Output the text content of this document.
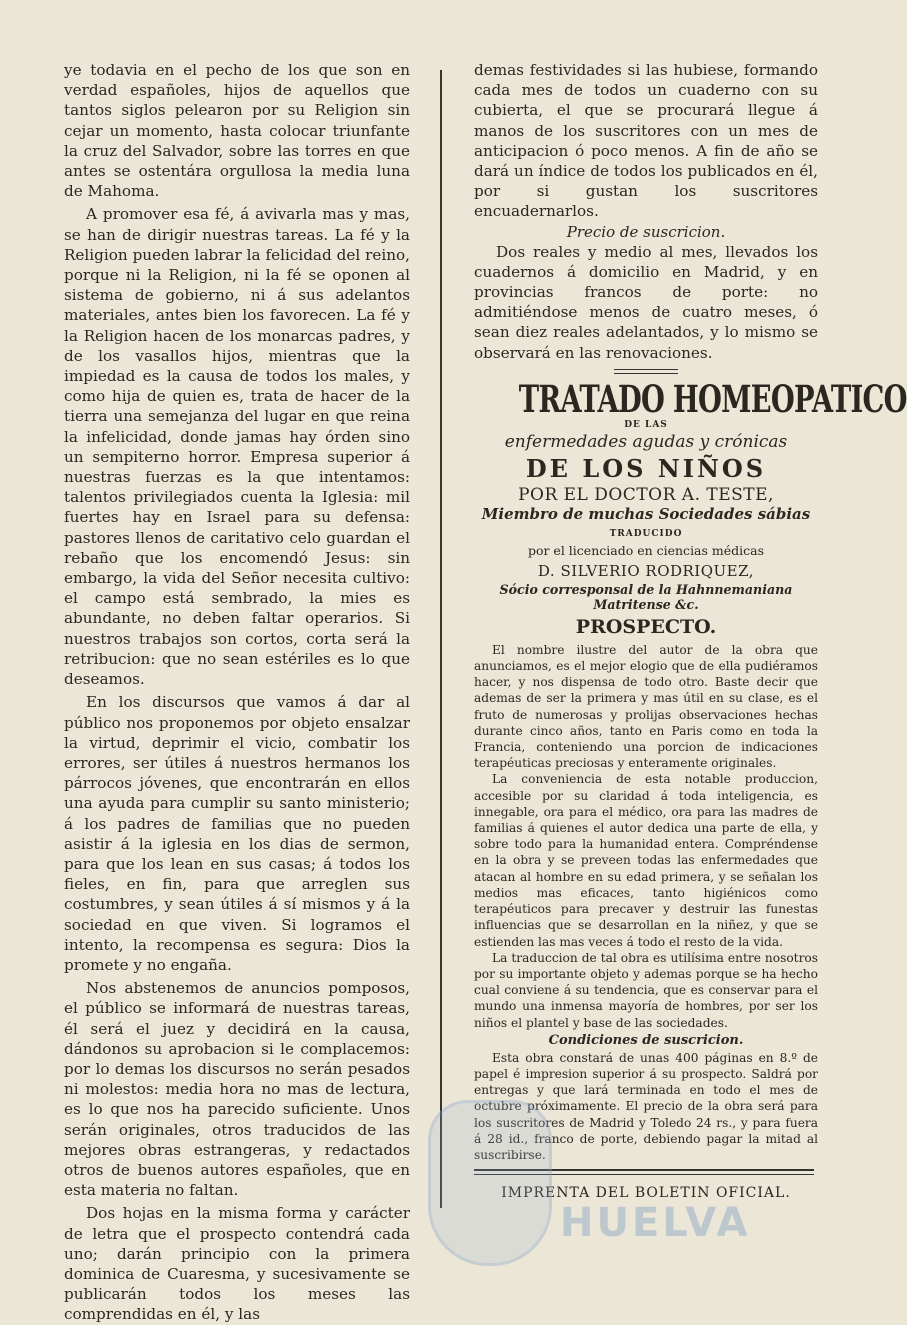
ye todavia en el pecho de los que son en verdad españoles, hijos de aquellos que tantos siglos pelearon por su Religion sin cejar un momento, hasta colocar triunfante la cruz del Salvador, sobre las torres en que antes se ostentára orgullosa la media luna de Mahoma.

A promover esa fé, á avivarla mas y mas, se han de dirigir nuestras tareas. La fé y la Religion pueden labrar la felicidad del reino, porque ni la Religion, ni la fé se oponen al sistema de gobierno, ni á sus adelantos materiales, antes bien los favorecen. La fé y la Religion hacen de los monarcas padres, y de los vasallos hijos, mientras que la impiedad es la causa de todos los males, y como hija de quien es, trata de hacer de la tierra una semejanza del lugar en que reina la infelicidad, donde jamas hay órden sino un sempiterno horror. Empresa superior á nuestras fuerzas es la que intentamos: talentos privilegiados cuenta la Iglesia: mil fuertes hay en Israel para su defensa: pastores llenos de caritativo celo guardan el rebaño que los encomendó Jesus: sin embargo, la vida del Señor necesita cultivo: el campo está sembrado, la mies es abundante, no deben faltar operarios. Si nuestros trabajos son cortos, corta será la retribucion: que no sean estériles es lo que deseamos.

En los discursos que vamos á dar al público nos proponemos por objeto ensalzar la virtud, deprimir el vicio, combatir los errores, ser útiles á nuestros hermanos los párrocos jóvenes, que encontrarán en ellos una ayuda para cumplir su santo ministerio; á los padres de familias que no pueden asistir á la iglesia en los dias de sermon, para que los lean en sus casas; á todos los fieles, en fin, para que arreglen sus costumbres, y sean útiles á sí mismos y á la sociedad en que viven. Si logramos el intento, la recompensa es segura: Dios la promete y no engaña.

Nos abstenemos de anuncios pomposos, el público se informará de nuestras tareas, él será el juez y decidirá en la causa, dándonos su aprobacion si le complacemos: por lo demas los discursos no serán pesados ni molestos: media hora no mas de lectura, es lo que nos ha parecido suficiente. Unos serán originales, otros traducidos de las mejores obras estrangeras, y redactados otros de buenos autores españoles, que en esta materia no faltan.

Dos hojas en la misma forma y carácter de letra que el prospecto contendrá cada uno; darán principio con la primera dominica de Cuaresma, y sucesivamente se publicarán todos los meses las comprendidas en él, y las

demas festividades si las hubiese, formando cada mes de todos un cuaderno con su cubierta, el que se procurará llegue á manos de los suscritores con un mes de anticipacion ó poco menos. A fin de año se dará un índice de todos los publicados en él, por si gustan los suscritores encuadernarlos.

Precio de suscricion.

Dos reales y medio al mes, llevados los cuadernos á domicilio en Madrid, y en provincias francos de porte: no admitiéndose menos de cuatro meses, ó sean diez reales adelantados, y lo mismo se observará en las renovaciones.

TRATADO HOMEOPATICO

DE LAS

enfermedades agudas y crónicas

DE LOS NIÑOS

POR EL DOCTOR A. TESTE,

Miembro de muchas Sociedades sábias

TRADUCIDO

por el licenciado en ciencias médicas

D. SILVERIO RODRIQUEZ,

Sócio corresponsal de la Hahnnemaniana Matritense &c.

PROSPECTO.

El nombre ilustre del autor de la obra que anunciamos, es el mejor elogio que de ella pudiéramos hacer, y nos dispensa de todo otro. Baste decir que ademas de ser la primera y mas útil en su clase, es el fruto de numerosas y prolijas observaciones hechas durante cinco años, tanto en Paris como en toda la Francia, conteniendo una porcion de indicaciones terapéuticas preciosas y enteramente originales.

La conveniencia de esta notable produccion, accesible por su claridad á toda inteligencia, es innegable, ora para el médico, ora para las madres de familias á quienes el autor dedica una parte de ella, y sobre todo para la humanidad entera. Compréndense en la obra y se preveen todas las enfermedades que atacan al hombre en su edad primera, y se señalan los medios mas eficaces, tanto higiénicos como terapéuticos para precaver y destruir las funestas influencias que se desarrollan en la niñez, y que se estienden las mas veces á todo el resto de la vida.

La traduccion de tal obra es utilísima entre nosotros por su importante objeto y ademas porque se ha hecho cual conviene á su tendencia, que es conservar para el mundo una inmensa mayoría de hombres, por ser los niños el plantel y base de las sociedades.

Condiciones de suscricion.

Esta obra constará de unas 400 páginas en 8.º de papel é impresion superior á su prospecto. Saldrá por entregas y que lará terminada en todo el mes de octubre próximamente. El precio de la obra será para los suscritores de Madrid y Toledo 24 rs., y para fuera á 28 id., franco de porte, debiendo pagar la mitad al suscribirse.

IMPRENTA DEL BOLETIN OFICIAL.

HUELVA
